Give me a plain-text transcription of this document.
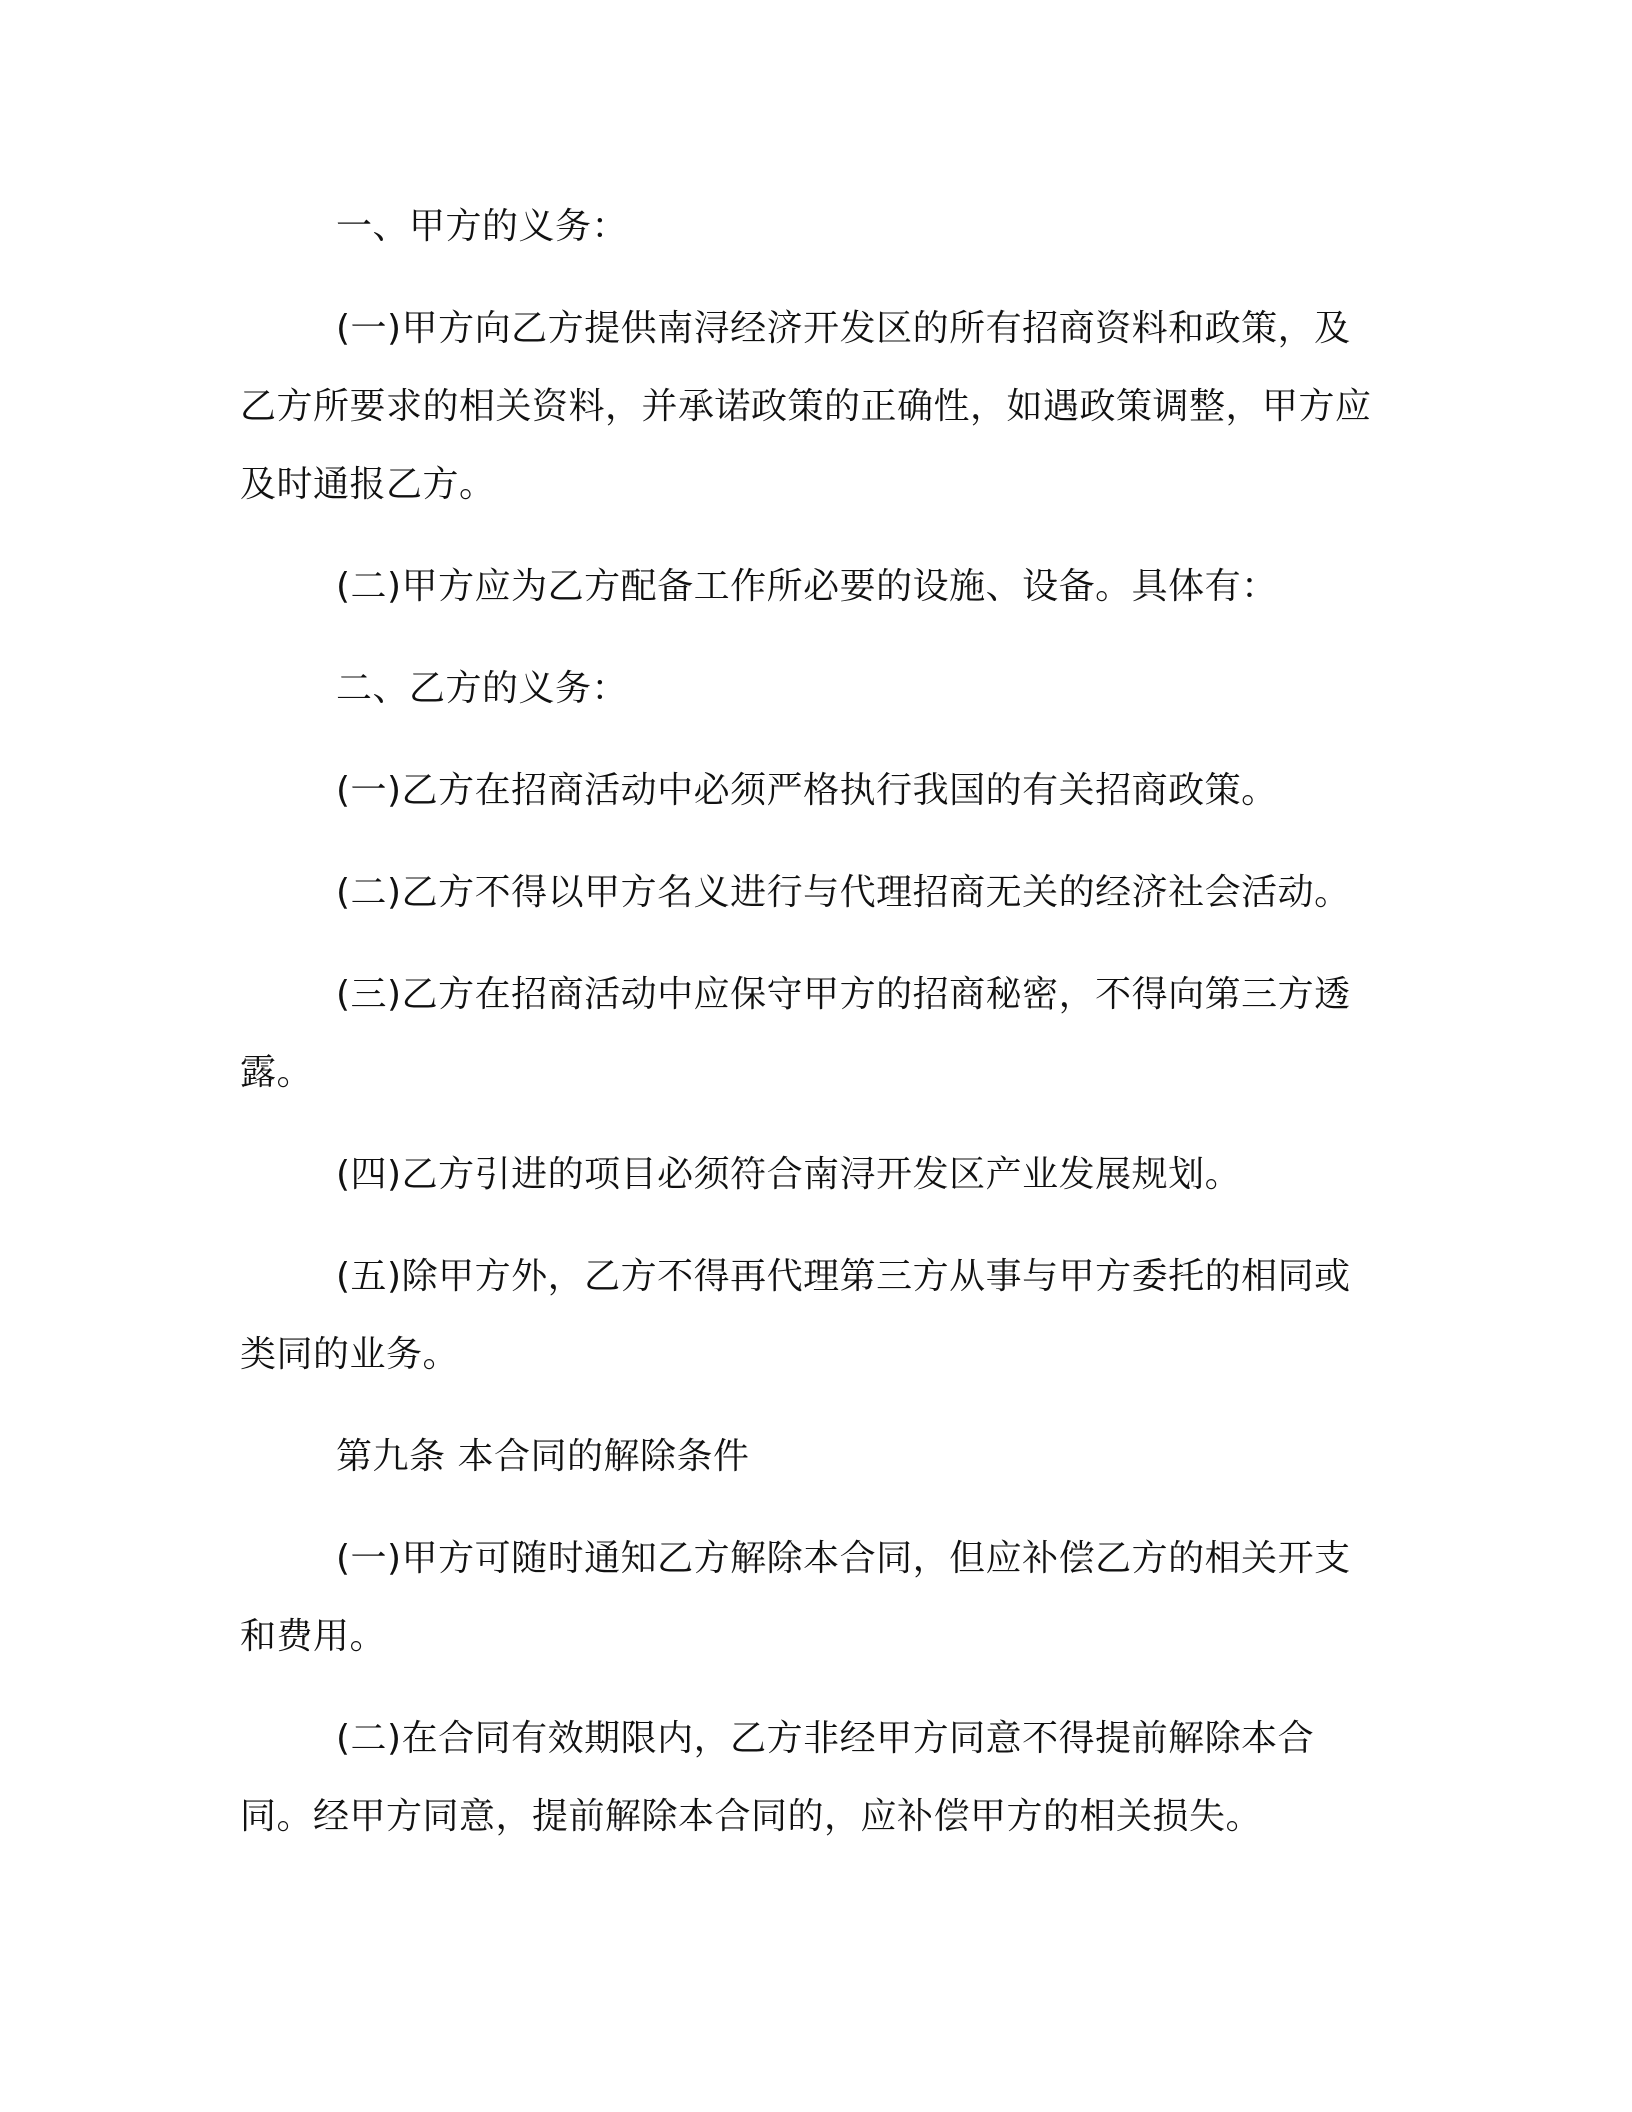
一、甲方的义务：

(一)甲方向乙方提供南浔经济开发区的所有招商资料和政策，及乙方所要求的相关资料，并承诺政策的正确性，如遇政策调整，甲方应及时通报乙方。

(二)甲方应为乙方配备工作所必要的设施、设备。具体有：

二、乙方的义务：

(一)乙方在招商活动中必须严格执行我国的有关招商政策。

(二)乙方不得以甲方名义进行与代理招商无关的经济社会活动。

(三)乙方在招商活动中应保守甲方的招商秘密，不得向第三方透露。

(四)乙方引进的项目必须符合南浔开发区产业发展规划。

(五)除甲方外，乙方不得再代理第三方从事与甲方委托的相同或类同的业务。

第九条 本合同的解除条件

(一)甲方可随时通知乙方解除本合同，但应补偿乙方的相关开支和费用。

(二)在合同有效期限内，乙方非经甲方同意不得提前解除本合同。经甲方同意，提前解除本合同的，应补偿甲方的相关损失。
